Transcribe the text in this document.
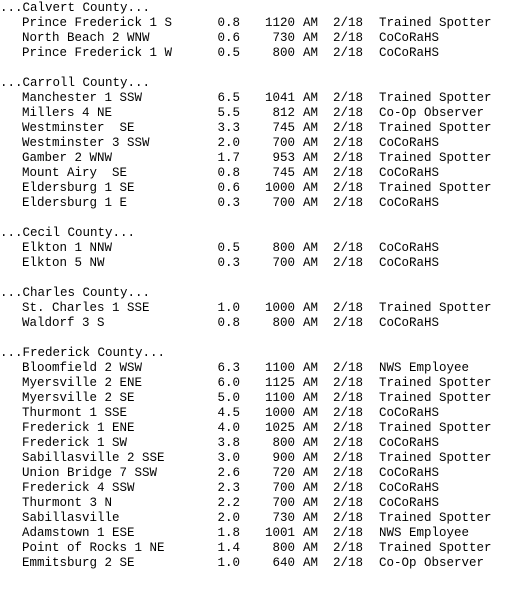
...Calvert County...
Prince Frederick 1 S	0.8 1120 AM 2/18 Trained Spotter
North Beach 2 WNW	0.6	730 AM 2/18 CoCoRaHS
Prince Frederick 1 W	0.5	800 AM 2/18 CoCoRaHS
...Carroll County...
Manchester 1 SSW	6.5 1041 AM 2/18 Trained Spotter
Millers 4 NE	5.5	812 AM 2/18 Co-Op Observer
Westminster  SE	3.3	745 AM 2/18 Trained Spotter
Westminster 3 SSW	2.0	700 AM 2/18 CoCoRaHS
Gamber 2 WNW	1.7	953 AM 2/18 Trained Spotter
Mount Airy  SE	0.8	745 AM 2/18 CoCoRaHS
Eldersburg 1 SE	0.6 1000 AM 2/18 Trained Spotter
Eldersburg 1 E	0.3	700 AM 2/18 CoCoRaHS
...Cecil County...
Elkton 1 NNW	0.5	800 AM 2/18 CoCoRaHS
Elkton 5 NW	0.3	700 AM 2/18 CoCoRaHS
...Charles County...
St. Charles 1 SSE	1.0 1000 AM 2/18 Trained Spotter
Waldorf 3 S	0.8	800 AM 2/18 CoCoRaHS
...Frederick County...
Bloomfield 2 WSW	6.3 1100 AM 2/18 NWS Employee
Myersville 2 ENE	6.0 1125 AM 2/18 Trained Spotter
Myersville 2 SE	5.0 1100 AM 2/18 Trained Spotter
Thurmont 1 SSE	4.5 1000 AM 2/18 CoCoRaHS
Frederick 1 ENE	4.0 1025 AM 2/18 Trained Spotter
Frederick 1 SW	3.8	800 AM 2/18 CoCoRaHS
Sabillasville 2 SSE	3.0	900 AM 2/18 Trained Spotter
Union Bridge 7 SSW	2.6	720 AM 2/18 CoCoRaHS
Frederick 4 SSW	2.3	700 AM 2/18 CoCoRaHS
Thurmont 3 N	2.2	700 AM 2/18 CoCoRaHS
Sabillasville	2.0	730 AM 2/18 Trained Spotter
Adamstown 1 ESE	1.8 1001 AM 2/18 NWS Employee
Point of Rocks 1 NE	1.4	800 AM 2/18 Trained Spotter
Emmitsburg 2 SE	1.0	640 AM 2/18 Co-Op Observer
